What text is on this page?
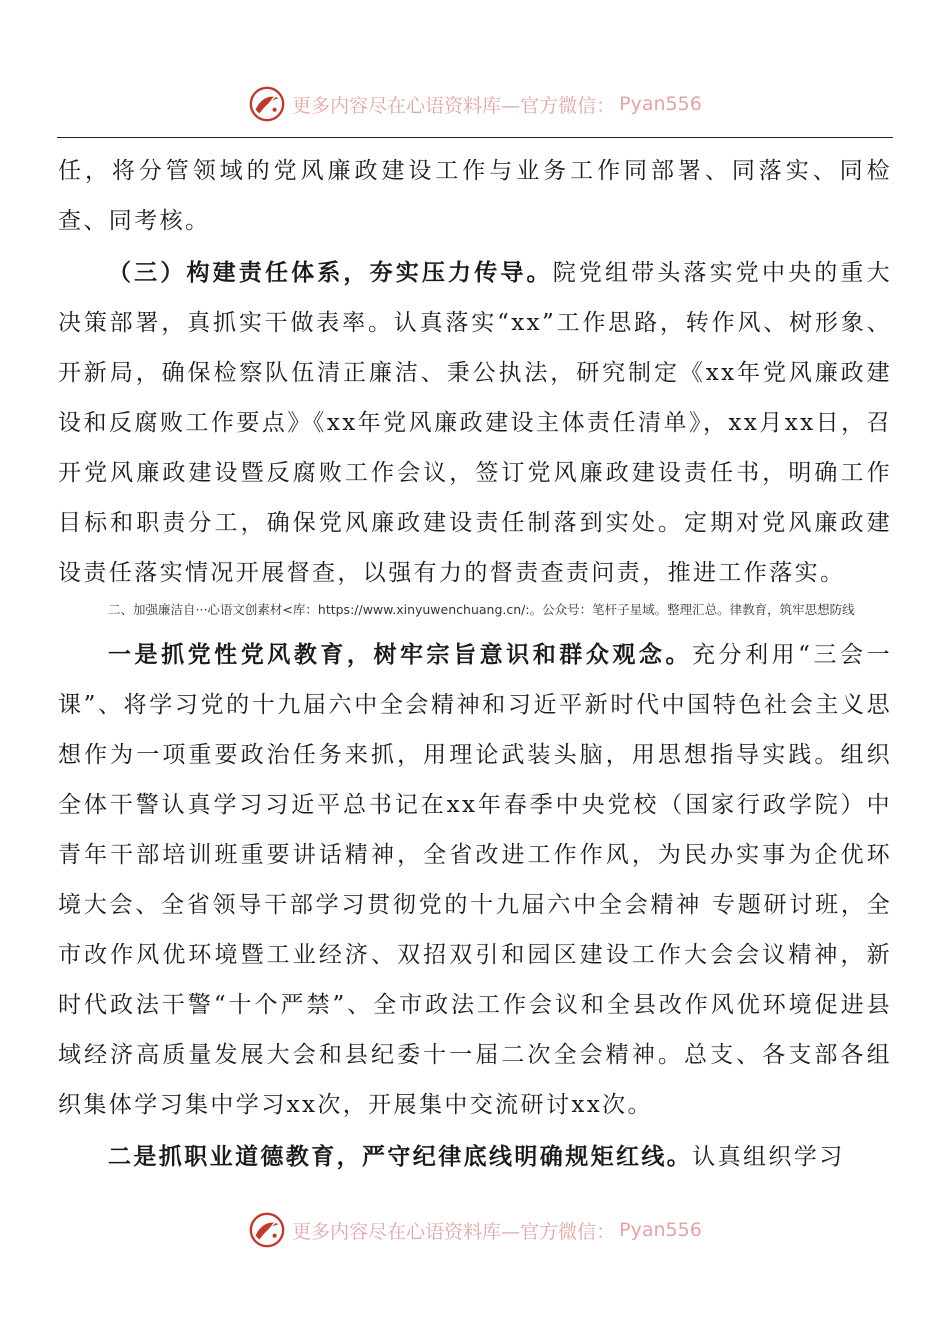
更多内容尽在心语资料库—官方微信： Pyan556

任，将分管领域的党风廉政建设工作与业务工作同部署、同落实、同检查、同考核。

（三）构建责任体系，夯实压力传导。院党组带头落实党中央的重大决策部署，真抓实干做表率。认真落实“xx”工作思路，转作风、树形象、开新局，确保检察队伍清正廉洁、秉公执法，研究制定《xx年党风廉政建设和反腐败工作要点》《xx年党风廉政建设主体责任清单》，xx月xx日，召开党风廉政建设暨反腐败工作会议，签订党风廉政建设责任书，明确工作目标和职责分工，确保党风廉政建设责任制落到实处。定期对党风廉政建设责任落实情况开展督查，以强有力的督责查责问责，推进工作落实。

二、加强廉洁自···心语文创素材<库：https://www.xinyuwenchuang.cn/:。公众号：笔杆子星域。整理汇总。律教育，筑牢思想防线

一是抓党性党风教育，树牢宗旨意识和群众观念。充分利用“三会一课”、将学习党的十九届六中全会精神和习近平新时代中国特色社会主义思想作为一项重要政治任务来抓，用理论武装头脑，用思想指导实践。组织全体干警认真学习习近平总书记在xx年春季中央党校（国家行政学院）中青年干部培训班重要讲话精神，全省改进工作作风，为民办实事为企优环境大会、全省领导干部学习贯彻党的十九届六中全会精神 专题研讨班，全市改作风优环境暨工业经济、双招双引和园区建设工作大会会议精神，新时代政法干警“十个严禁”、全市政法工作会议和全县改作风优环境促进县域经济高质量发展大会和县纪委十一届二次全会精神。总支、各支部各组织集体学习集中学习xx次，开展集中交流研讨xx次。

二是抓职业道德教育，严守纪律底线明确规矩红线。认真组织学习

更多内容尽在心语资料库—官方微信： Pyan556
